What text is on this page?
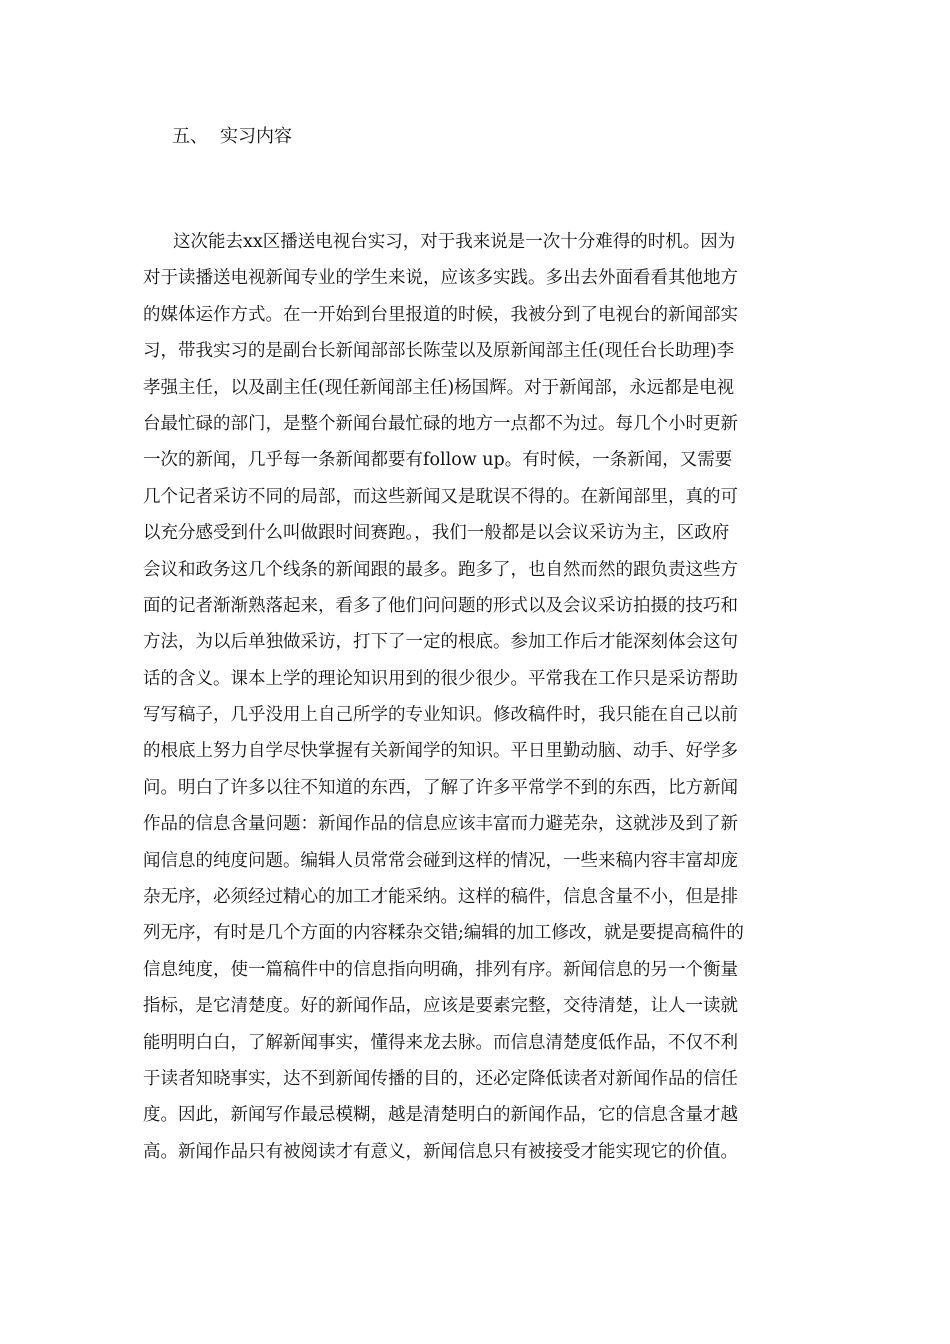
五、 实习内容
这次能去xx区播送电视台实习，对于我来说是一次十分难得的时机。因为
对于读播送电视新闻专业的学生来说，应该多实践。多出去外面看看其他地方
的媒体运作方式。在一开始到台里报道的时候，我被分到了电视台的新闻部实
习，带我实习的是副台长新闻部部长陈莹以及原新闻部主任(现任台长助理)李
孝强主任，以及副主任(现任新闻部主任)杨国辉。对于新闻部，永远都是电视
台最忙碌的部门，是整个新闻台最忙碌的地方一点都不为过。每几个小时更新
一次的新闻，几乎每一条新闻都要有follow up。有时候，一条新闻，又需要
几个记者采访不同的局部，而这些新闻又是耽误不得的。在新闻部里，真的可
以充分感受到什么叫做跟时间赛跑。，我们一般都是以会议采访为主，区政府
会议和政务这几个线条的新闻跟的最多。跑多了，也自然而然的跟负责这些方
面的记者渐渐熟落起来，看多了他们问问题的形式以及会议采访拍摄的技巧和
方法，为以后单独做采访，打下了一定的根底。参加工作后才能深刻体会这句
话的含义。课本上学的理论知识用到的很少很少。平常我在工作只是采访帮助
写写稿子，几乎没用上自己所学的专业知识。修改稿件时，我只能在自己以前
的根底上努力自学尽快掌握有关新闻学的知识。平日里勤动脑、动手、好学多
问。明白了许多以往不知道的东西，了解了许多平常学不到的东西，比方新闻
作品的信息含量问题：新闻作品的信息应该丰富而力避芜杂，这就涉及到了新
闻信息的纯度问题。编辑人员常常会碰到这样的情况，一些来稿内容丰富却庞
杂无序，必须经过精心的加工才能采纳。这样的稿件，信息含量不小，但是排
列无序，有时是几个方面的内容糅杂交错;编辑的加工修改，就是要提高稿件的
信息纯度，使一篇稿件中的信息指向明确，排列有序。新闻信息的另一个衡量
指标，是它清楚度。好的新闻作品，应该是要素完整，交待清楚，让人一读就
能明明白白，了解新闻事实，懂得来龙去脉。而信息清楚度低作品，不仅不利
于读者知晓事实，达不到新闻传播的目的，还必定降低读者对新闻作品的信任
度。因此，新闻写作最忌模糊，越是清楚明白的新闻作品，它的信息含量才越
高。新闻作品只有被阅读才有意义，新闻信息只有被接受才能实现它的价值。
